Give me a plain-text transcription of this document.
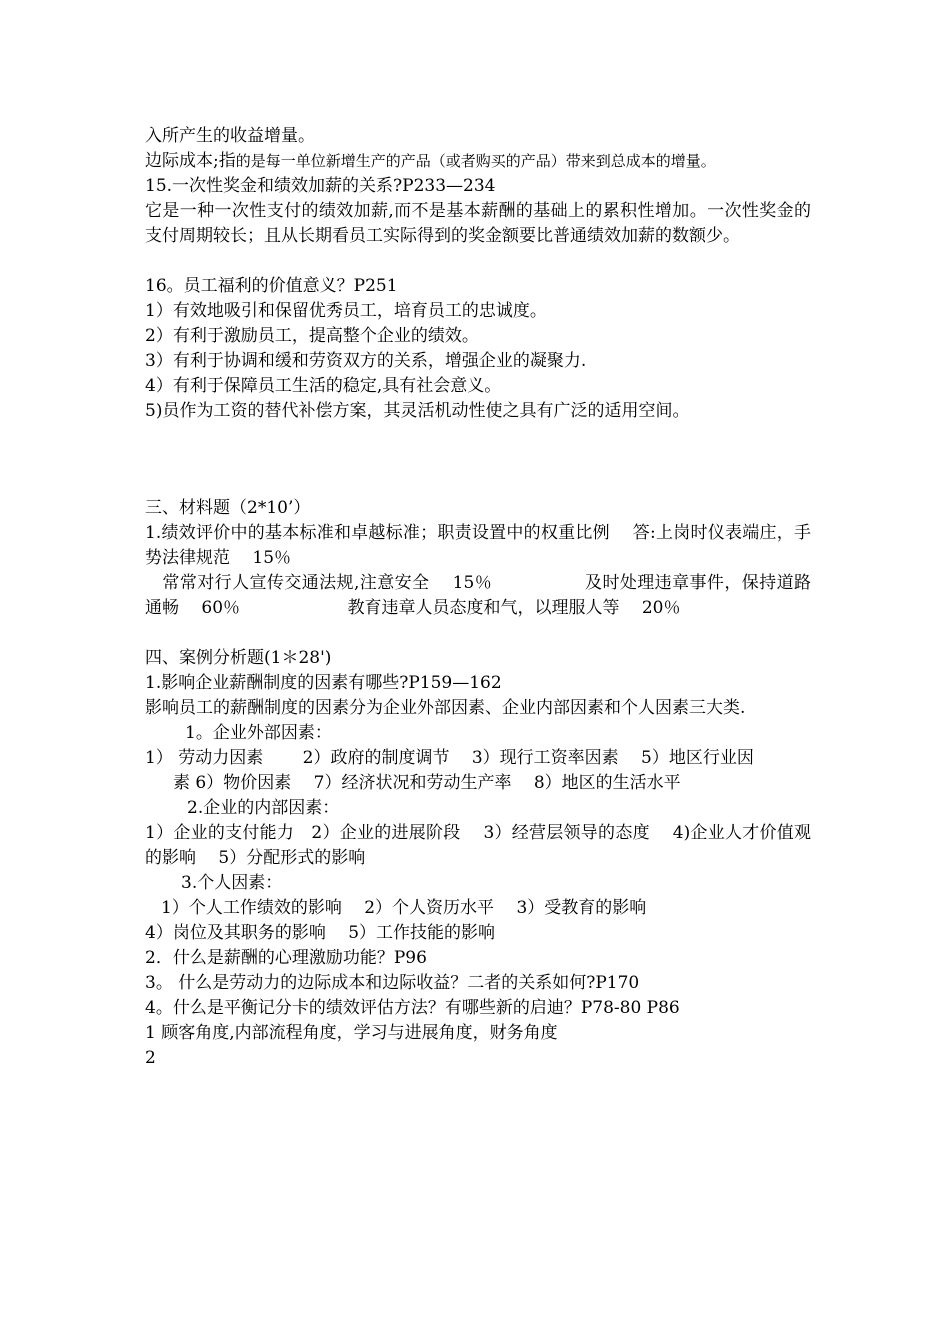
入所产生的收益增量。
边际成本;指的是每一单位新增生产的产品（或者购买的产品）带来到总成本的增量。
15.一次性奖金和绩效加薪的关系?P233—234
它是一种一次性支付的绩效加薪,而不是基本薪酬的基础上的累积性增加。一次性奖金的支付周期较长；且从长期看员工实际得到的奖金额要比普通绩效加薪的数额少。
16。员工福利的价值意义？P251
1）有效地吸引和保留优秀员工，培育员工的忠诚度。
2）有利于激励员工，提高整个企业的绩效。
3）有利于协调和缓和劳资双方的关系，增强企业的凝聚力.
4）有利于保障员工生活的稳定,具有社会意义。
5)员作为工资的替代补偿方案，其灵活机动性使之具有广泛的适用空间。
三、材料题（2*10’）
1.绩效评价中的基本标准和卓越标准；职责设置中的权重比例　 答:上岗时仪表端庄，手势法律规范　 15％
　常常对行人宣传交通法规,注意安全　 15％　　　　　 及时处理违章事件，保持道路通畅　 60％　　　　　　 教育违章人员态度和气，以理服人等　 20％
四、案例分析题(1＊28')
1.影响企业薪酬制度的因素有哪些?P159—162
影响员工的薪酬制度的因素分为企业外部因素、企业内部因素和个人因素三大类.
1。企业外部因素：
1） 劳动力因素　　 2）政府的制度调节　 3）现行工资率因素　 5）地区行业因
素 6）物价因素　 7）经济状况和劳动生产率　 8）地区的生活水平
2.企业的内部因素：
1）企业的支付能力　2）企业的进展阶段　 3）经营层领导的态度　 4)企业人才价值观的影响　 5）分配形式的影响
3.个人因素：
1）个人工作绩效的影响　 2）个人资历水平　 3）受教育的影响
4）岗位及其职务的影响　 5）工作技能的影响
2．什么是薪酬的心理激励功能？P96
3。 什么是劳动力的边际成本和边际收益？二者的关系如何?P170
4。什么是平衡记分卡的绩效评估方法？有哪些新的启迪？P78-80 P86
1 顾客角度,内部流程角度，学习与进展角度，财务角度
2
